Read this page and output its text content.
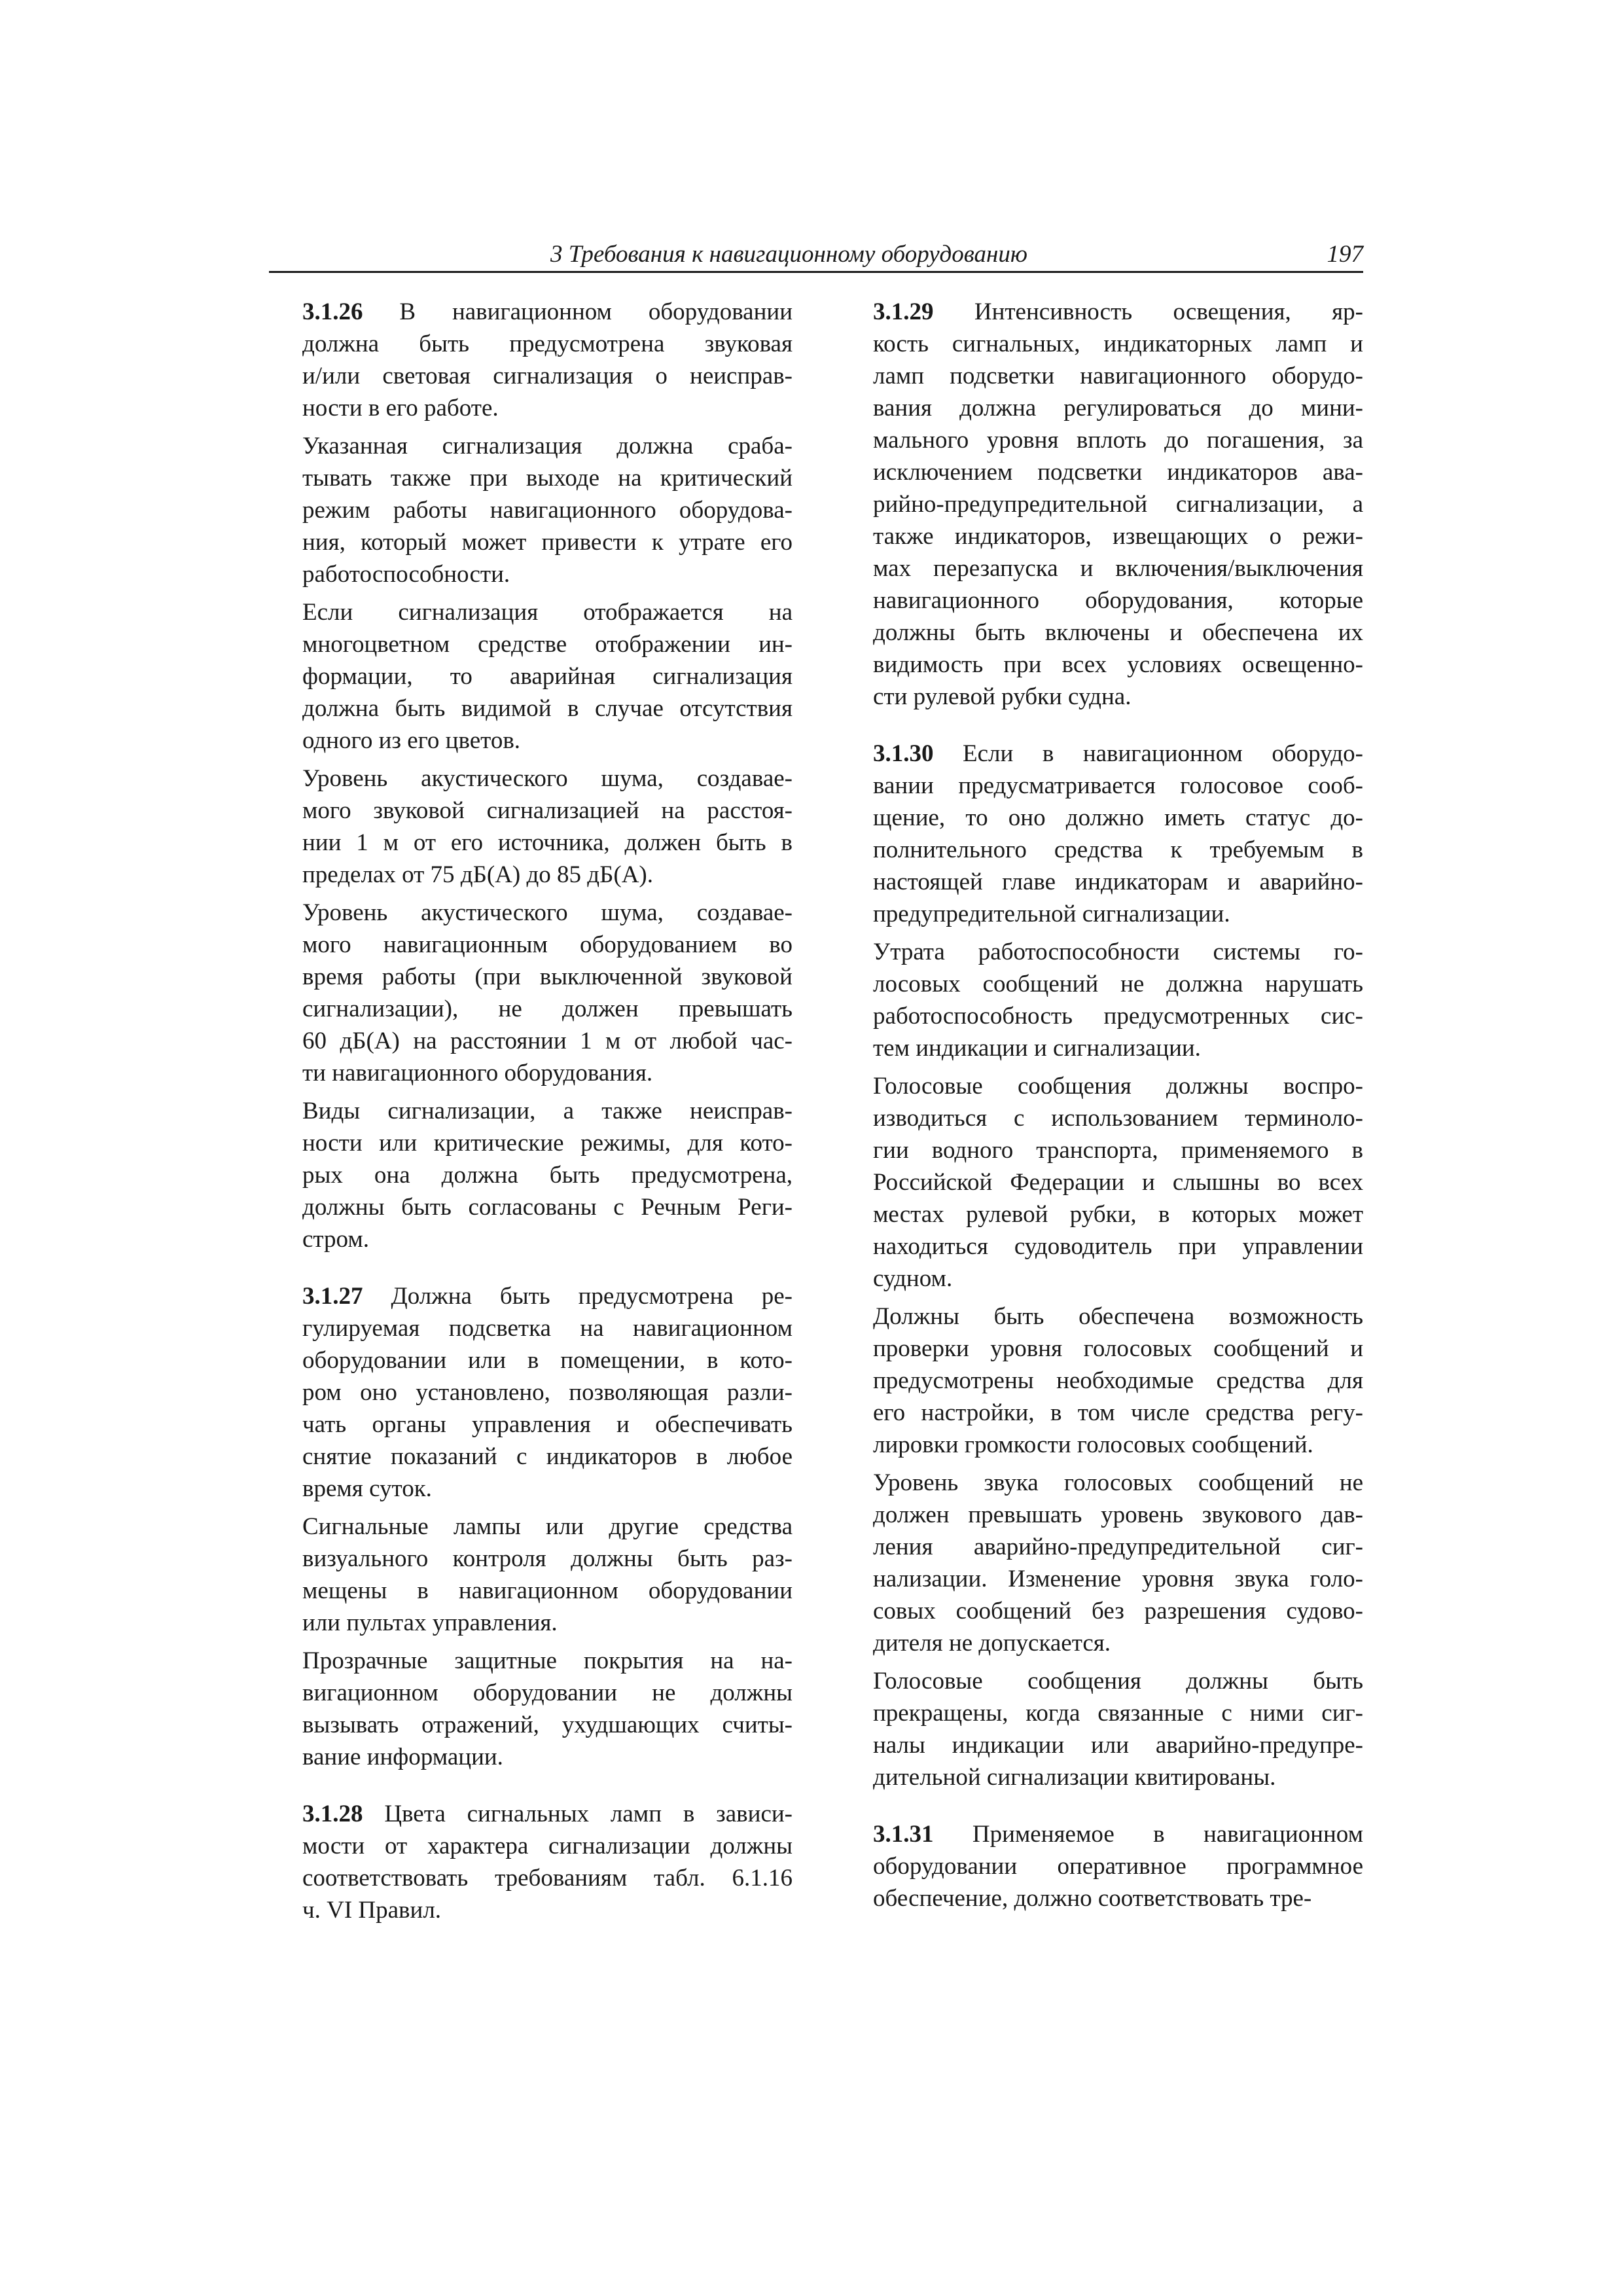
3 Требования к навигационному оборудованию	197

3.1.26 В навигационном оборудовании
должна быть предусмотрена звуковая
и/или световая сигнализация о неисправ-
ности в его работе.

Указанная сигнализация должна сраба-
тывать также при выходе на критический
режим работы навигационного оборудова-
ния, который может привести к утрате его
работоспособности.

Если сигнализация отображается на
многоцветном средстве отображении ин-
формации, то аварийная сигнализация
должна быть видимой в случае отсутствия
одного из его цветов.

Уровень акустического шума, создавае-
мого звуковой сигнализацией на расстоя-
нии 1 м от его источника, должен быть в
пределах от 75 дБ(А) до 85 дБ(А).

Уровень акустического шума, создавае-
мого навигационным оборудованием во
время работы (при выключенной звуковой
сигнализации), не должен превышать
60 дБ(А) на расстоянии 1 м от любой час-
ти навигационного оборудования.

Виды сигнализации, а также неисправ-
ности или критические режимы, для кото-
рых она должна быть предусмотрена,
должны быть согласованы с Речным Реги-
стром.

3.1.27 Должна быть предусмотрена ре-
гулируемая подсветка на навигационном
оборудовании или в помещении, в кото-
ром оно установлено, позволяющая разли-
чать органы управления и обеспечивать
снятие показаний с индикаторов в любое
время суток.

Сигнальные лампы или другие средства
визуального контроля должны быть раз-
мещены в навигационном оборудовании
или пультах управления.

Прозрачные защитные покрытия на на-
вигационном оборудовании не должны
вызывать отражений, ухудшающих считы-
вание информации.

3.1.28 Цвета сигнальных ламп в зависи-
мости от характера сигнализации должны
соответствовать требованиям табл. 6.1.16
ч. VI Правил.

3.1.29 Интенсивность освещения, яр-
кость сигнальных, индикаторных ламп и
ламп подсветки навигационного оборудо-
вания должна регулироваться до мини-
мального уровня вплоть до погашения, за
исключением подсветки индикаторов ава-
рийно-предупредительной сигнализации, а
также индикаторов, извещающих о режи-
мах перезапуска и включения/выключения
навигационного оборудования, которые
должны быть включены и обеспечена их
видимость при всех условиях освещенно-
сти рулевой рубки судна.

3.1.30 Если в навигационном оборудо-
вании предусматривается голосовое сооб-
щение, то оно должно иметь статус до-
полнительного средства к требуемым в
настоящей главе индикаторам и аварийно-
предупредительной сигнализации.

Утрата работоспособности системы го-
лосовых сообщений не должна нарушать
работоспособность предусмотренных сис-
тем индикации и сигнализации.

Голосовые сообщения должны воспро-
изводиться с использованием терминоло-
гии водного транспорта, применяемого в
Российской Федерации и слышны во всех
местах рулевой рубки, в которых может
находиться судоводитель при управлении
судном.

Должны быть обеспечена возможность
проверки уровня голосовых сообщений и
предусмотрены необходимые средства для
его настройки, в том числе средства регу-
лировки громкости голосовых сообщений.

Уровень звука голосовых сообщений не
должен превышать уровень звукового дав-
ления аварийно-предупредительной сиг-
нализации. Изменение уровня звука голо-
совых сообщений без разрешения судово-
дителя не допускается.

Голосовые сообщения должны быть
прекращены, когда связанные с ними сиг-
налы индикации или аварийно-предупре-
дительной сигнализации квитированы.

3.1.31 Применяемое в навигационном
оборудовании оперативное программное
обеспечение, должно соответствовать тре-
